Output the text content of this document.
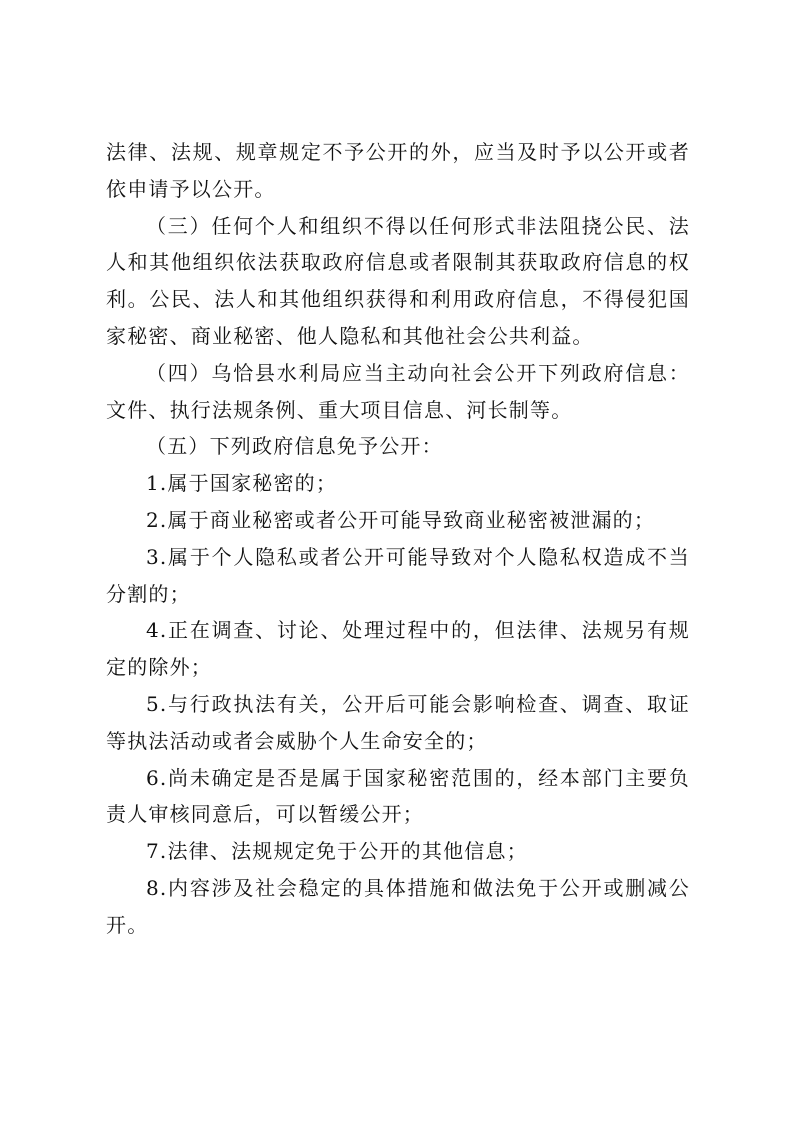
法律、法规、规章规定不予公开的外，应当及时予以公开或者依申请予以公开。

（三）任何个人和组织不得以任何形式非法阻挠公民、法人和其他组织依法获取政府信息或者限制其获取政府信息的权利。公民、法人和其他组织获得和利用政府信息，不得侵犯国家秘密、商业秘密、他人隐私和其他社会公共利益。

（四）乌恰县水利局应当主动向社会公开下列政府信息：文件、执行法规条例、重大项目信息、河长制等。

（五）下列政府信息免予公开：

1.属于国家秘密的；

2.属于商业秘密或者公开可能导致商业秘密被泄漏的；

3.属于个人隐私或者公开可能导致对个人隐私权造成不当分割的；

4.正在调查、讨论、处理过程中的，但法律、法规另有规定的除外；

5.与行政执法有关，公开后可能会影响检查、调查、取证等执法活动或者会威胁个人生命安全的；

6.尚未确定是否是属于国家秘密范围的，经本部门主要负责人审核同意后，可以暂缓公开；

7.法律、法规规定免于公开的其他信息；

8.内容涉及社会稳定的具体措施和做法免于公开或删减公开。
